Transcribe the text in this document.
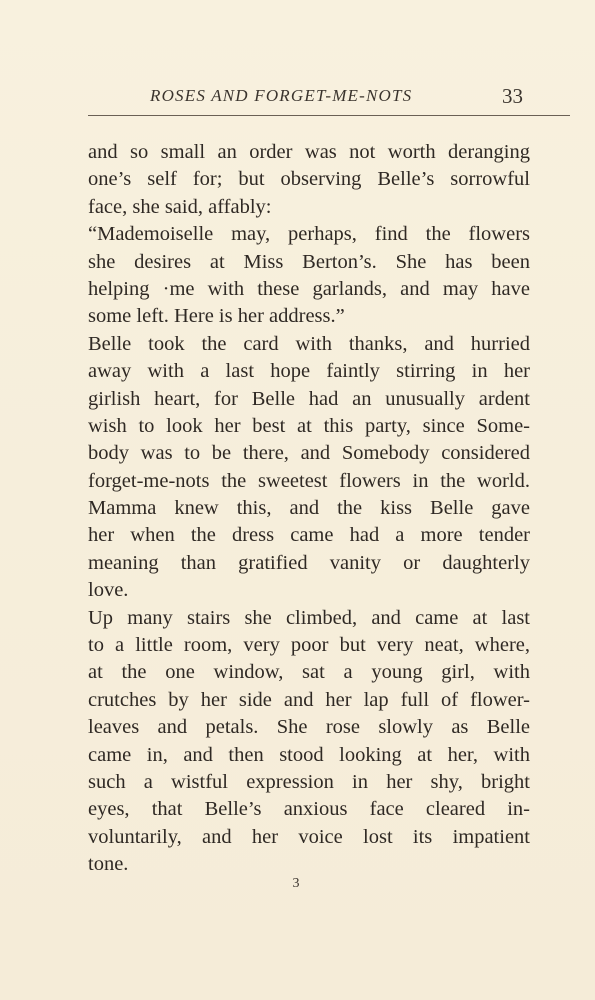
ROSES AND FORGET-ME-NOTS	33
and so small an order was not worth deranging
one’s self for; but observing Belle’s sorrowful
face, she said, affably:
“Mademoiselle may, perhaps, find the flowers
she desires at Miss Berton’s. She has been
helping ·me with these garlands, and may have
some left. Here is her address.”
Belle took the card with thanks, and hurried
away with a last hope faintly stirring in her
girlish heart, for Belle had an unusually ardent
wish to look her best at this party, since Some-
body was to be there, and Somebody considered
forget-me-nots the sweetest flowers in the world.
Mamma knew this, and the kiss Belle gave
her when the dress came had a more tender
meaning than gratified vanity or daughterly
love.
Up many stairs she climbed, and came at last
to a little room, very poor but very neat, where,
at the one window, sat a young girl, with
crutches by her side and her lap full of flower-
leaves and petals. She rose slowly as Belle
came in, and then stood looking at her, with
such a wistful expression in her shy, bright
eyes, that Belle’s anxious face cleared in-
voluntarily, and her voice lost its impatient
tone.
3
